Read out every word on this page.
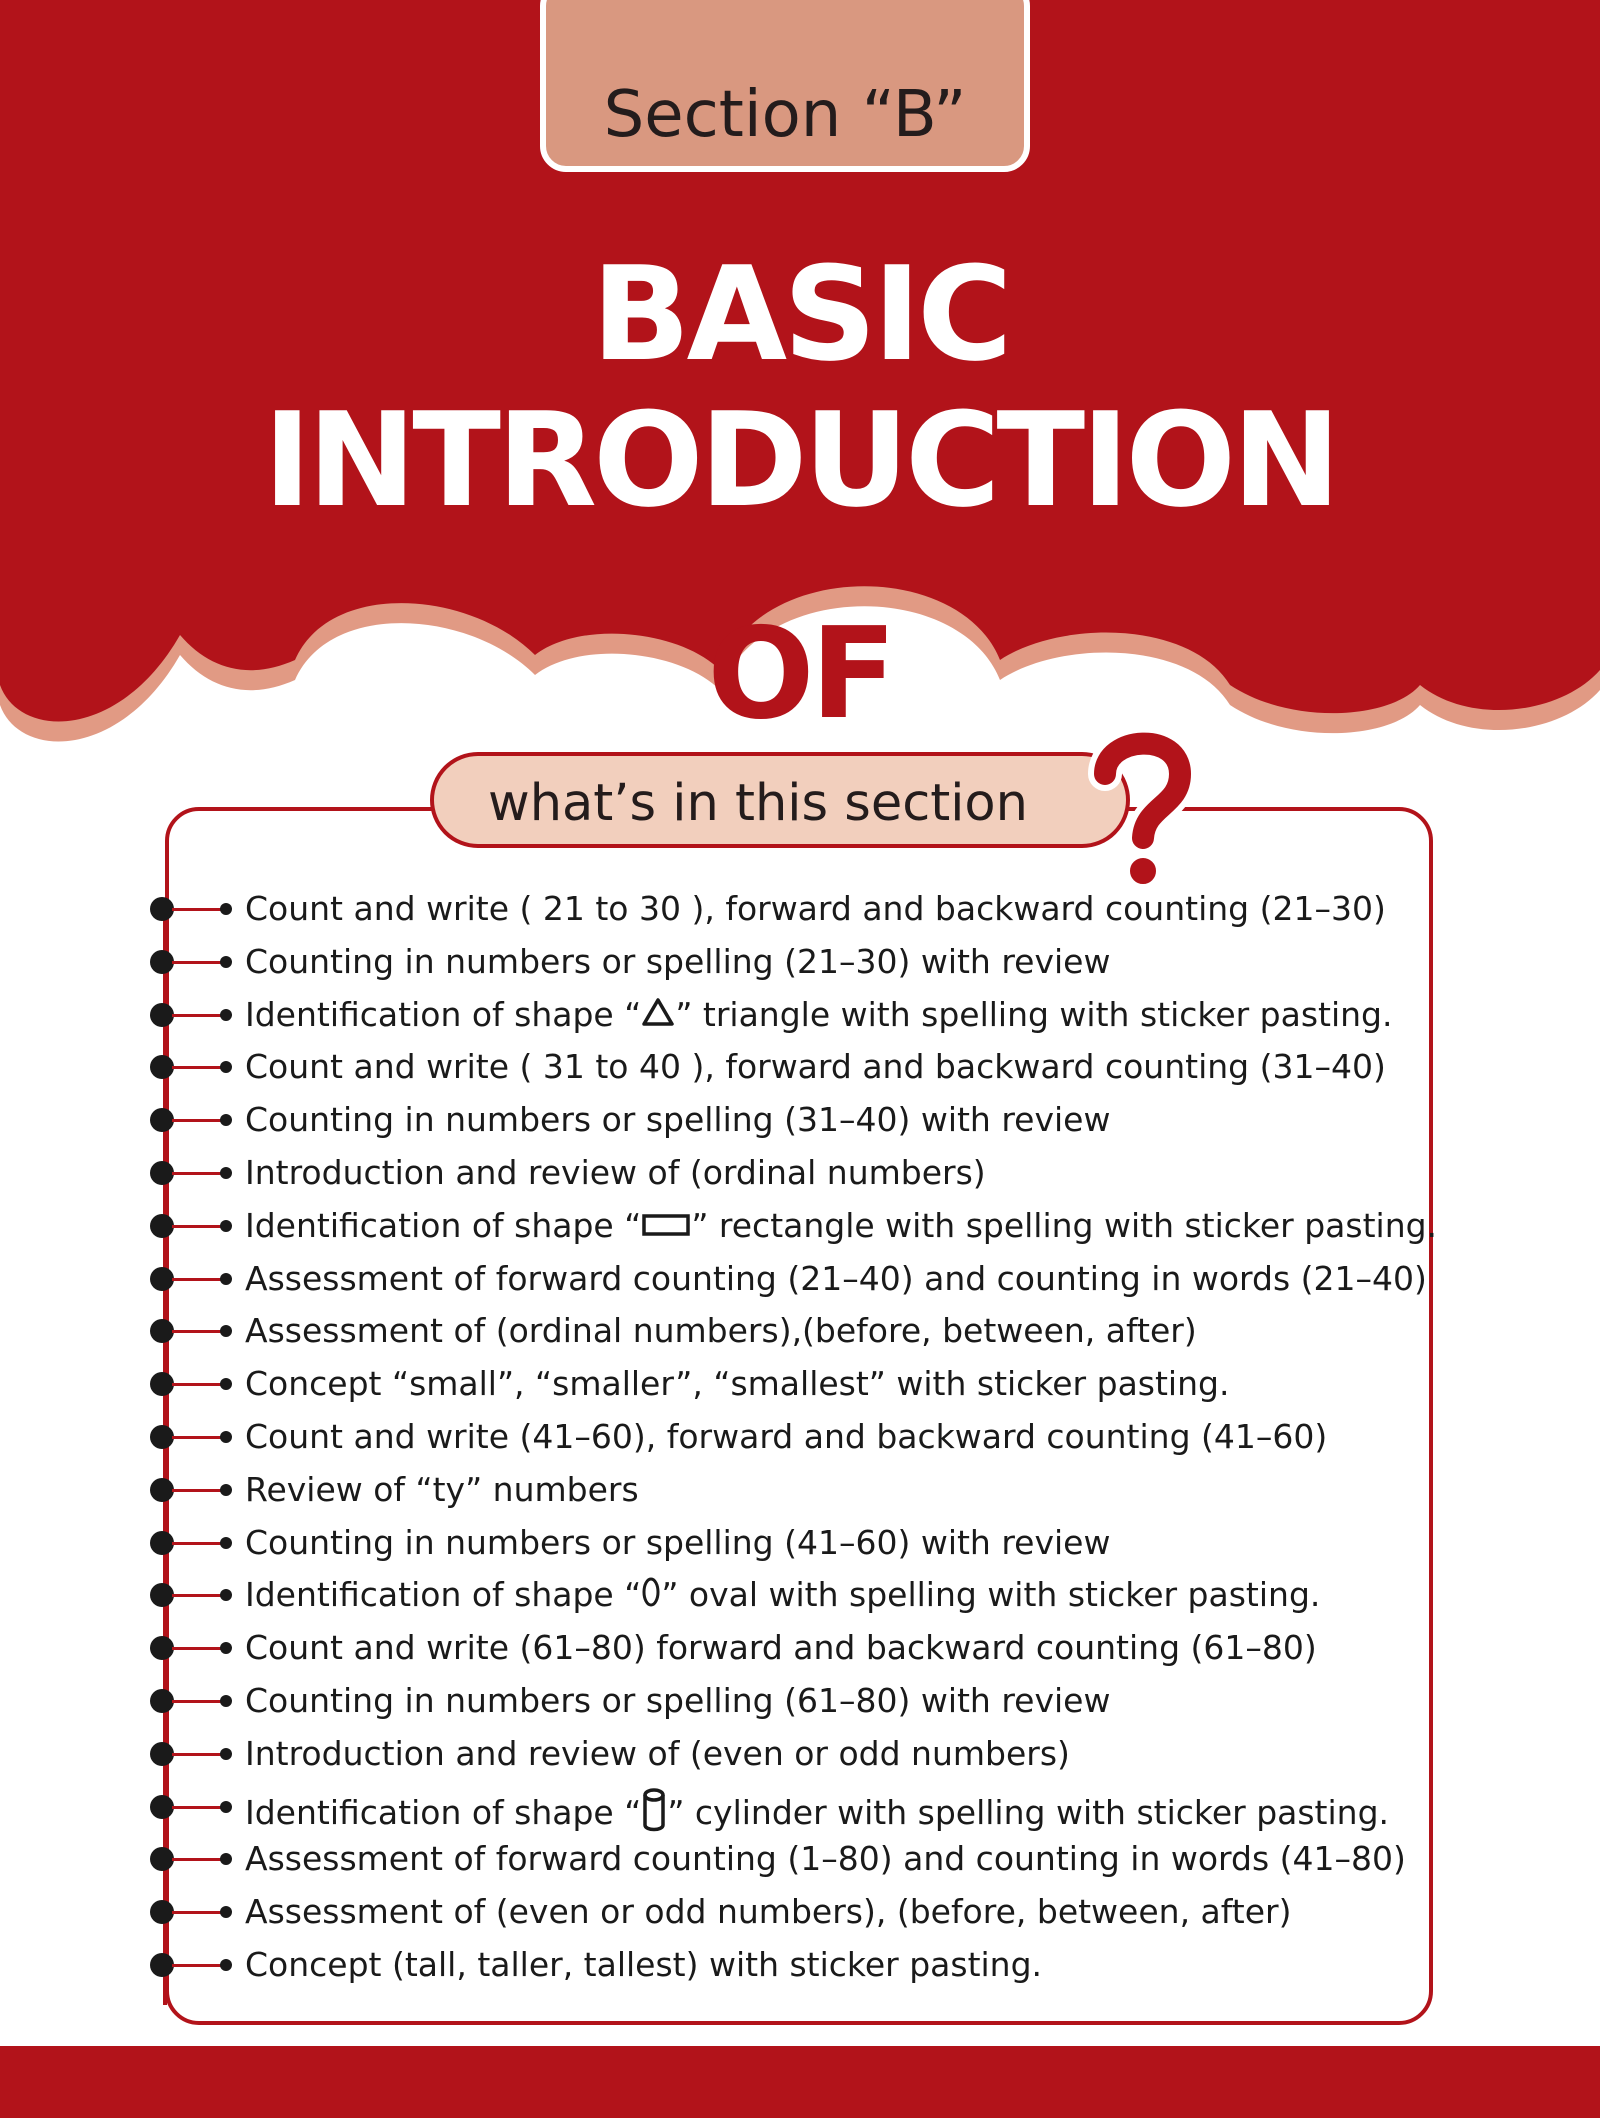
Section “B”
BASIC
INTRODUCTION
OF
what’s in this section
Count and write ( 21 to 30 ), forward and backward counting (21–30)
Counting in numbers or spelling (21–30) with review
Identification of shape “ ” triangle with spelling with sticker pasting.
Count and write ( 31 to 40 ), forward and backward counting (31–40)
Counting in numbers or spelling (31–40) with review
Introduction and review of (ordinal numbers)
Identification of shape “ ” rectangle with spelling with sticker pasting.
Assessment of forward counting (21–40) and counting in words (21–40)
Assessment of (ordinal numbers),(before, between, after)
Concept “small”, “smaller”, “smallest” with sticker pasting.
Count and write (41–60), forward and backward counting (41–60)
Review of “ty” numbers
Counting in numbers or spelling (41–60) with review
Identification of shape “ ” oval with spelling with sticker pasting.
Count and write (61–80) forward and backward counting (61–80)
Counting in numbers or spelling (61–80) with review
Introduction and review of (even or odd numbers)
Identification of shape “ ” cylinder with spelling with sticker pasting.
Assessment of forward counting (1–80) and counting in words (41–80)
Assessment of (even or odd numbers), (before, between, after)
Concept (tall, taller, tallest) with sticker pasting.
